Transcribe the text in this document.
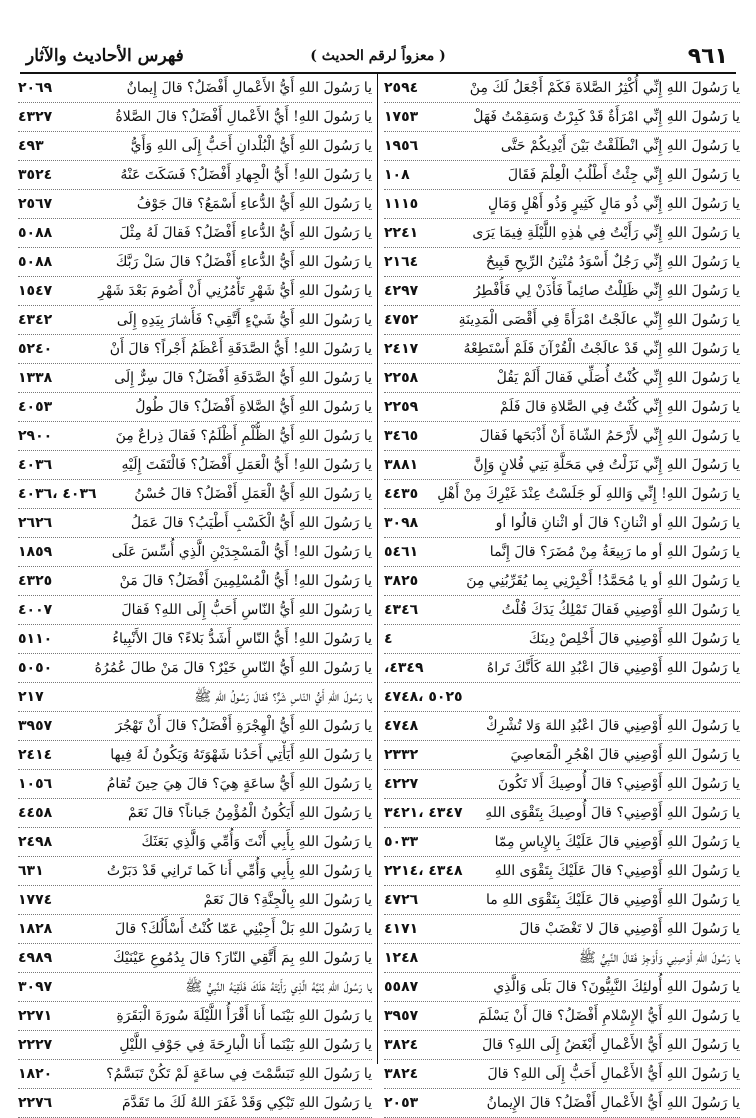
٩٦١
( معزواً لرقم الحديث )
فهرس الأحاديث والآثار
يا رَسُولَ اللهِ إِنِّي أُكْثِرُ الصَّلاةَ فَكَمْ أَجْعَلُ لَكَ مِنْ
٢٥٩٤
يا رَسُولَ اللهِ إِنِّي امْرَأَةٌ قَدْ كَبِرْتُ وَسَقِمْتُ فَهَلْ
١٧٥٣
يا رَسُولَ اللهِ إِنِّي انْطَلَقْتُ بَيْنَ أَيْدِيكُمْ حَتَّى
١٩٥٦
يا رَسُولَ اللهِ إِنِّي جِئْتُ أَطْلُبُ الْعِلْمَ فَقَالَ
١٠٨
يا رَسُولَ اللهِ إِنِّي ذُو مَالٍ كَثِيرٍ وَذُو أَهْلٍ وَمَالٍ
١١١٥
يا رَسُولَ اللهِ إِنِّي رَأَيْتُ فِي هٰذِهِ اللَّيْلَةِ فِيمَا يَرَى
٢٢٤١
يا رَسُولَ اللهِ إِنِّي رَجُلٌ أَسْوَدُ مُنْتِنُ الرِّيحِ قَبِيحٌ
٢١٦٤
يا رَسُولَ اللهِ إِنِّي ظَلِلْتُ صائِماً فَأْذَنْ لِي فَأُفْطِرُ
٤٢٩٧
يا رَسُولَ اللهِ إِنِّي عالَجْتُ امْرَأَةً فِي أَقْصَى الْمَدِينَةِ
٤٧٥٢
يا رَسُولَ اللهِ إِنِّي قَدْ عالَجْتُ الْقُرْآنَ فَلَمْ أَسْتَطِعْهُ
٢٤١٧
يا رَسُولَ اللهِ إِنِّي كُنْتُ أُصَلِّي فَقالَ أَلَمْ يَقُلْ
٢٢٥٨
يا رَسُولَ اللهِ إِنِّي كُنْتُ فِي الصَّلاةِ قالَ فَلَمْ
٢٢٥٩
يا رَسُولَ اللهِ إِنِّي لأَرْحَمُ الشّاةَ أَنْ أَذْبَحَها فَقالَ
٣٤٦٥
يا رَسُولَ اللهِ إِنِّي نَزَلْتُ فِي مَحَلَّةِ بَنِي فُلانٍ وَإِنَّ
٣٨٨١
يا رَسُولَ اللهِ! إِنِّي وَاللهِ لَو جَلَسْتُ عِنْدَ غَيْرِكَ مِنْ أَهْلِ
٤٤٣٥
يا رَسُولَ اللهِ أو اثْنانِ؟ قالَ أو اثْنانِ قالُوا أو
٣٠٩٨
يا رَسُولَ اللهِ أو ما رَبِيعَةُ مِنْ مُضَرَ؟ قالَ إِنَّما
٥٤٦١
يا رَسُولَ اللهِ أو يا مُحَمَّدُ! أَخْبِرْنِي بِما يُقَرِّبُنِي مِنَ
٣٨٢٥
يا رَسُولَ اللهِ أَوْصِنِي فَقالَ تَمْلِكُ يَدَكَ قُلْتُ
٤٣٤٦
يا رَسُولَ اللهِ أَوْصِنِي قالَ أَخْلِصْ دِينَكَ
٤
يا رَسُولَ اللهِ أَوْصِنِي قالَ اعْبُدِ اللهَ كَأَنَّكَ تَراهُ
٤٣٤٩،
٥٠٢٥ ،٤٧٤٨
يا رَسُولَ اللهِ أَوْصِنِي قالَ اعْبُدِ اللهَ وَلا تُشْرِكْ
٤٧٤٨
يا رَسُولَ اللهِ أَوْصِنِي قالَ اهْجُرِ الْمَعاصِيَ
٢٣٣٢
يا رَسُولَ اللهِ أَوْصِنِي؟ قالَ أُوصِيكَ أَلا تَكُونَ
٤٢٢٧
يا رَسُولَ اللهِ أَوْصِنِي؟ قالَ أُوصِيكَ بِتَقْوَى اللهِ
٤٣٤٧ ،٣٤٢١
يا رَسُولَ اللهِ أَوْصِنِي قالَ عَلَيْكَ بِالإِياسِ مِمّا
٥٠٣٣
يا رَسُولَ اللهِ أَوْصِنِي؟ قالَ عَلَيْكَ بِتَقْوَى اللهِ
٤٣٤٨ ،٢٢١٤
يا رَسُولَ اللهِ أَوْصِنِي قالَ عَلَيْكَ بِتَقْوَى اللهِ ما
٤٧٢٦
يا رَسُولَ اللهِ أَوْصِنِي قالَ لا تَغْضَبْ قالَ
٤١٧١
يا رَسُولَ اللهِ أَوْصِنِي وَأَوْجِزْ فَقالَ النَّبِيُّ ﷺ
١٢٤٨
يا رَسُولَ اللهِ أُولئِكَ النَّبِيُّونَ؟ قالَ بَلَى وَالَّذِي
٥٥٨٧
يا رَسُولَ اللهِ أَيُّ الإِسْلامِ أَفْضَلُ؟ قالَ أَنْ يَسْلَمَ
٣٩٥٧
يا رَسُولَ اللهِ أَيُّ الأَعْمالِ أَبْغَضُ إِلَى اللهِ؟ قالَ
٣٨٢٤
يا رَسُولَ اللهِ أَيُّ الأَعْمالِ أَحَبُّ إِلَى اللهِ؟ قالَ
٣٨٢٤
يا رَسُولَ اللهِ أَيُّ الأَعْمالِ أَفْضَلُ؟ قالَ الإِيمانُ
٢٠٥٣
يا رَسُولَ اللهِ أَيُّ الأَعْمالِ أَفْضَلُ؟ قالَ إِيمانٌ
٢٠٦٩
يا رَسُولَ اللهِ! أَيُّ الأَعْمالِ أَفْضَلُ؟ قالَ الصَّلاةُ
٤٣٢٧
يا رَسُولَ اللهِ أَيُّ الْبُلْدانِ أَحَبُّ إِلَى اللهِ وَأَيُّ
٤٩٣
يا رَسُولَ اللهِ! أَيُّ الْجِهادِ أَفْضَلُ؟ فَسَكَتَ عَنْهُ
٣٥٢٤
يا رَسُولَ اللهِ أَيُّ الدُّعاءِ أَسْمَعُ؟ قالَ جَوْفُ
٢٥٦٧
يا رَسُولَ اللهِ أَيُّ الدُّعاءِ أَفْضَلُ؟ فَقالَ لَهُ مِثْلَ
٥٠٨٨
يا رَسُولَ اللهِ أَيُّ الدُّعاءِ أَفْضَلُ؟ قالَ سَلْ رَبَّكَ
٥٠٨٨
يا رَسُولَ اللهِ أَيُّ شَهْرٍ تَأْمُرُنِي أَنْ أَصُومَ بَعْدَ شَهْرِ
١٥٤٧
يا رَسُولَ اللهِ أَيُّ شَيْءٍ أَتَّقِي؟ فَأَشارَ بِيَدِهِ إِلَى
٤٣٤٢
يا رَسُولَ اللهِ! أَيُّ الصَّدَقَةِ أَعْظَمُ أَجْراً؟ قالَ أَنْ
٥٢٤٠
يا رَسُولَ اللهِ أَيُّ الصَّدَقَةِ أَفْضَلُ؟ قالَ سِرٌّ إِلَى
١٣٣٨
يا رَسُولَ اللهِ أَيُّ الصَّلاةِ أَفْضَلُ؟ قالَ طُولُ
٤٠٥٣
يا رَسُولَ اللهِ أَيُّ الظُّلْمِ أَظْلَمُ؟ فَقالَ ذِراعٌ مِنَ
٢٩٠٠
يا رَسُولَ اللهِ! أَيُّ الْعَمَلِ أَفْضَلُ؟ فَالْتَفَتَ إِلَيْهِ
٤٠٣٦
يا رَسُولَ اللهِ أَيُّ الْعَمَلِ أَفْضَلُ؟ قالَ حُسْنُ
٤٠٣٦ ،٤٠٣٦
يا رَسُولَ اللهِ أَيُّ الْكَسْبِ أَطْيَبُ؟ قالَ عَمَلُ
٢٦٢٦
يا رَسُولَ اللهِ! أَيُّ الْمَسْجِدَيْنِ الَّذِي أُسِّسَ عَلَى
١٨٥٩
يا رَسُولَ اللهِ! أَيُّ الْمُسْلِمِينَ أَفْضَلُ؟ قالَ مَنْ
٤٣٢٥
يا رَسُولَ اللهِ أَيُّ النّاسِ أَحَبُّ إِلَى اللهِ؟ فَقالَ
٤٠٠٧
يا رَسُولَ اللهِ! أَيُّ النّاسِ أَشَدُّ بَلاءً؟ قالَ الأَنْبِياءُ
٥١١٠
يا رَسُولَ اللهِ أَيُّ النّاسِ خَيْرٌ؟ قالَ مَنْ طالَ عُمُرُهُ
٥٠٥٠
يا رَسُولَ اللهِ أَيُّ النّاسِ شَرٌّ؟ فَقالَ رَسُولُ اللهِ ﷺ
٢١٧
يا رَسُولَ اللهِ أَيُّ الْهِجْرَةِ أَفْضَلُ؟ قالَ أَنْ تَهْجُرَ
٣٩٥٧
يا رَسُولَ اللهِ أَيَأْتِي أَحَدُنا شَهْوَتَهُ وَيَكُونُ لَهُ فِيها
٢٤١٤
يا رَسُولَ اللهِ أَيُّ ساعَةٍ هِيَ؟ قالَ هِيَ حِينَ تُقامُ
١٠٥٦
يا رَسُولَ اللهِ أَيَكُونُ الْمُؤْمِنُ جَباناً؟ قالَ نَعَمْ
٤٤٥٨
يا رَسُولَ اللهِ بِأَبِي أَنْتَ وَأُمِّي وَالَّذِي بَعَثَكَ
٢٤٩٨
يا رَسُولَ اللهِ بِأَبِي وَأُمِّي أَنا كَما تَرانِي قَدْ دَبَرْتُ
٦٣١
يا رَسُولَ اللهِ بِالْجِنَّةِ؟ قالَ نَعَمْ
١٧٧٤
يا رَسُولَ اللهِ بَلْ أَجِبْنِي عَمّا كُنْتُ أَسْأَلُكَ؟ قالَ
١٨٢٨
يا رَسُولَ اللهِ بِمَ أَتَّقِي النّارَ؟ قالَ بِدُمُوعِ عَيْنَيْكَ
٤٩٨٩
يا رَسُولَ اللهِ بُنَيَّهُ الَّذِي رَأَيْتَهُ هَلَكَ فَلَقِيَهُ النَّبِيُّ ﷺ
٣٠٩٧
يا رَسُولَ اللهِ بَيْنَما أَنا أَقْرَأُ اللَّيْلَةَ سُورَةَ الْبَقَرَةِ
٢٢٧١
يا رَسُولَ اللهِ بَيْنَما أَنا الْبارِحَةَ فِي جَوْفِ اللَّيْلِ
٢٢٢٧
يا رَسُولَ اللهِ تَبَسَّمْتَ فِي ساعَةٍ لَمْ تَكُنْ تَبَسَّمُ؟
١٨٢٠
يا رَسُولَ اللهِ تَبْكِي وَقَدْ غَفَرَ اللهُ لَكَ ما تَقَدَّمَ
٢٢٧٦
